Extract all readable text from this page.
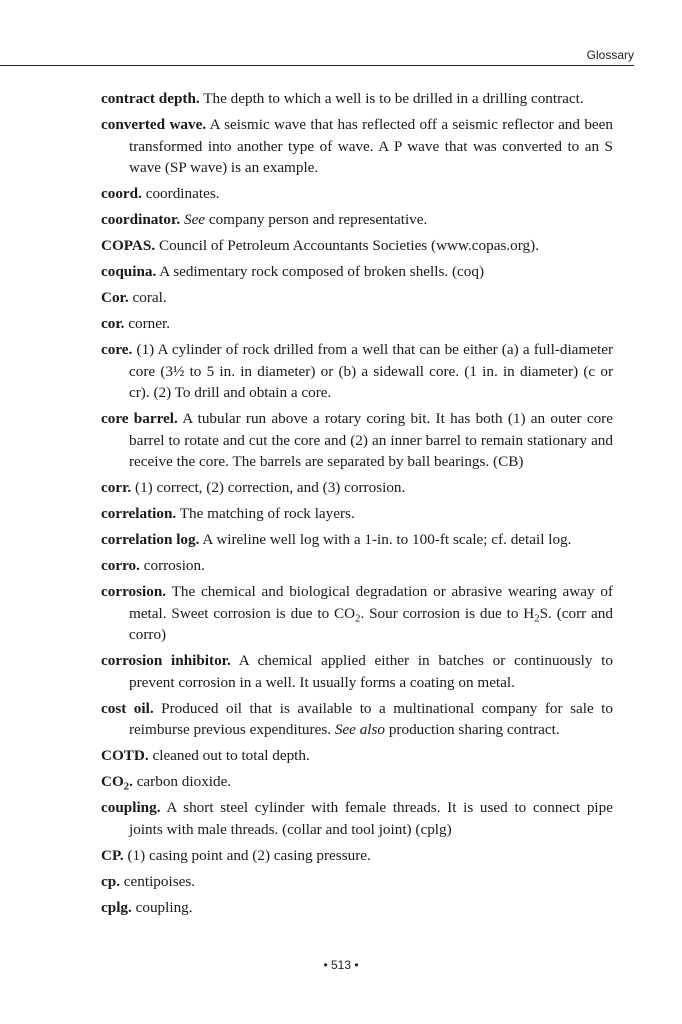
Glossary

contract depth. The depth to which a well is to be drilled in a drilling contract.

converted wave. A seismic wave that has reflected off a seismic reflector and been transformed into another type of wave. A P wave that was converted to an S wave (SP wave) is an example.

coord. coordinates.

coordinator. See company person and representative.

COPAS. Council of Petroleum Accountants Societies (www.copas.org).

coquina. A sedimentary rock composed of broken shells. (coq)

Cor. coral.

cor. corner.

core. (1) A cylinder of rock drilled from a well that can be either (a) a full-diameter core (3½ to 5 in. in diameter) or (b) a sidewall core. (1 in. in diameter) (c or cr). (2) To drill and obtain a core.

core barrel. A tubular run above a rotary coring bit. It has both (1) an outer core barrel to rotate and cut the core and (2) an inner barrel to remain stationary and receive the core. The barrels are separated by ball bearings. (CB)

corr. (1) correct, (2) correction, and (3) corrosion.

correlation. The matching of rock layers.

correlation log. A wireline well log with a 1-in. to 100-ft scale; cf. detail log.

corro. corrosion.

corrosion. The chemical and biological degradation or abrasive wearing away of metal. Sweet corrosion is due to $CO_2$. Sour corrosion is due to $H_2S$. (corr and corro)

corrosion inhibitor. A chemical applied either in batches or continuously to prevent corrosion in a well. It usually forms a coating on metal.

cost oil. Produced oil that is available to a multinational company for sale to reimburse previous expenditures. See also production sharing contract.

COTD. cleaned out to total depth.

$CO_2$. carbon dioxide.

coupling. A short steel cylinder with female threads. It is used to connect pipe joints with male threads. (collar and tool joint) (cplg)

CP. (1) casing point and (2) casing pressure.

cp. centipoises.

cplg. coupling.

• 513 •
